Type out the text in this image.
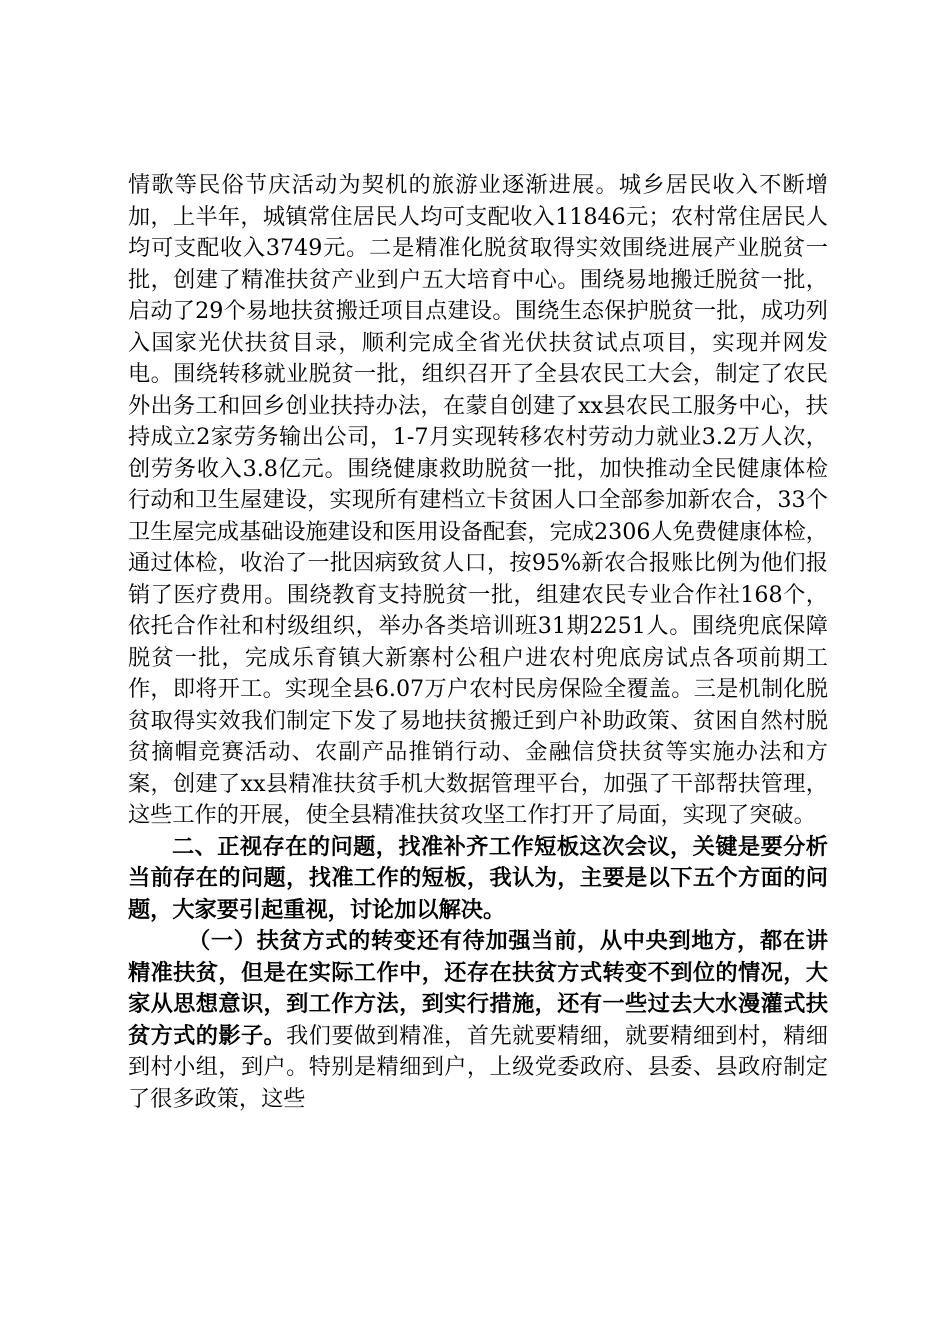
情歌等民俗节庆活动为契机的旅游业逐渐进展。城乡居民收入不断增加，上半年，城镇常住居民人均可支配收入11846元；农村常住居民人均可支配收入3749元。二是精准化脱贫取得实效围绕进展产业脱贫一批，创建了精准扶贫产业到户五大培育中心。围绕易地搬迁脱贫一批，启动了29个易地扶贫搬迁项目点建设。围绕生态保护脱贫一批，成功列入国家光伏扶贫目录，顺利完成全省光伏扶贫试点项目，实现并网发电。围绕转移就业脱贫一批，组织召开了全县农民工大会，制定了农民外出务工和回乡创业扶持办法，在蒙自创建了xx县农民工服务中心，扶持成立2家劳务输出公司，1-7月实现转移农村劳动力就业3.2万人次，创劳务收入3.8亿元。围绕健康救助脱贫一批，加快推动全民健康体检行动和卫生屋建设，实现所有建档立卡贫困人口全部参加新农合，33个卫生屋完成基础设施建设和医用设备配套，完成2306人免费健康体检，通过体检，收治了一批因病致贫人口，按95%新农合报账比例为他们报销了医疗费用。围绕教育支持脱贫一批，组建农民专业合作社168个，依托合作社和村级组织，举办各类培训班31期2251人。围绕兜底保障脱贫一批，完成乐育镇大新寨村公租户进农村兜底房试点各项前期工作，即将开工。实现全县6.07万户农村民房保险全覆盖。三是机制化脱贫取得实效我们制定下发了易地扶贫搬迁到户补助政策、贫困自然村脱贫摘帽竞赛活动、农副产品推销行动、金融信贷扶贫等实施办法和方案，创建了xx县精准扶贫手机大数据管理平台，加强了干部帮扶管理，这些工作的开展，使全县精准扶贫攻坚工作打开了局面，实现了突破。

二、正视存在的问题，找准补齐工作短板这次会议，关键是要分析当前存在的问题，找准工作的短板，我认为，主要是以下五个方面的问题，大家要引起重视，讨论加以解决。

（一）扶贫方式的转变还有待加强当前，从中央到地方，都在讲精准扶贫，但是在实际工作中，还存在扶贫方式转变不到位的情况，大家从思想意识，到工作方法，到实行措施，还有一些过去大水漫灌式扶贫方式的影子。我们要做到精准，首先就要精细，就要精细到村，精细到村小组，到户。特别是精细到户，上级党委政府、县委、县政府制定了很多政策，这些
